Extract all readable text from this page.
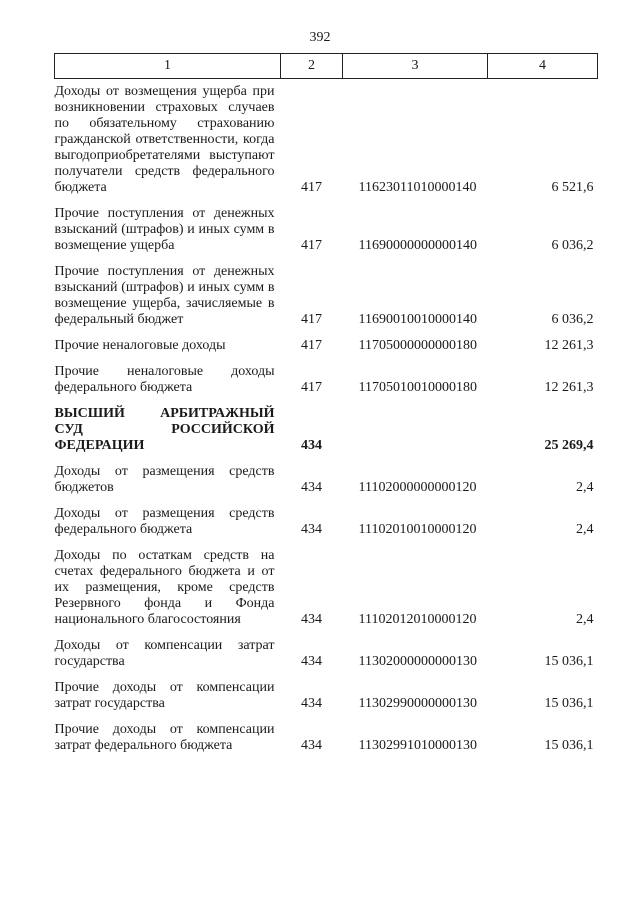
392
1	2	3	4
Доходы от возмещения ущерба при возникновении страховых случаев по обязательному страхованию гражданской ответственности, когда выгодоприобретателями выступают получатели средств федерального бюджета	417	11623011010000140	6 521,6
Прочие поступления от денежных взысканий (штрафов) и иных сумм в возмещение ущерба	417	11690000000000140	6 036,2
Прочие поступления от денежных взысканий (штрафов) и иных сумм в возмещение ущерба, зачисляемые в федеральный бюджет	417	11690010010000140	6 036,2
Прочие неналоговые доходы	417	11705000000000180	12 261,3
Прочие неналоговые доходы федерального бюджета	417	11705010010000180	12 261,3
ВЫСШИЙ АРБИТРАЖНЫЙ СУД РОССИЙСКОЙ ФЕДЕРАЦИИ	434		25 269,4
Доходы от размещения средств бюджетов	434	11102000000000120	2,4
Доходы от размещения средств федерального бюджета	434	11102010010000120	2,4
Доходы по остаткам средств на счетах федерального бюджета и от их размещения, кроме средств Резервного фонда и Фонда национального благосостояния	434	11102012010000120	2,4
Доходы от компенсации затрат государства	434	11302000000000130	15 036,1
Прочие доходы от компенсации затрат государства	434	11302990000000130	15 036,1
Прочие доходы от компенсации затрат федерального бюджета	434	11302991010000130	15 036,1
